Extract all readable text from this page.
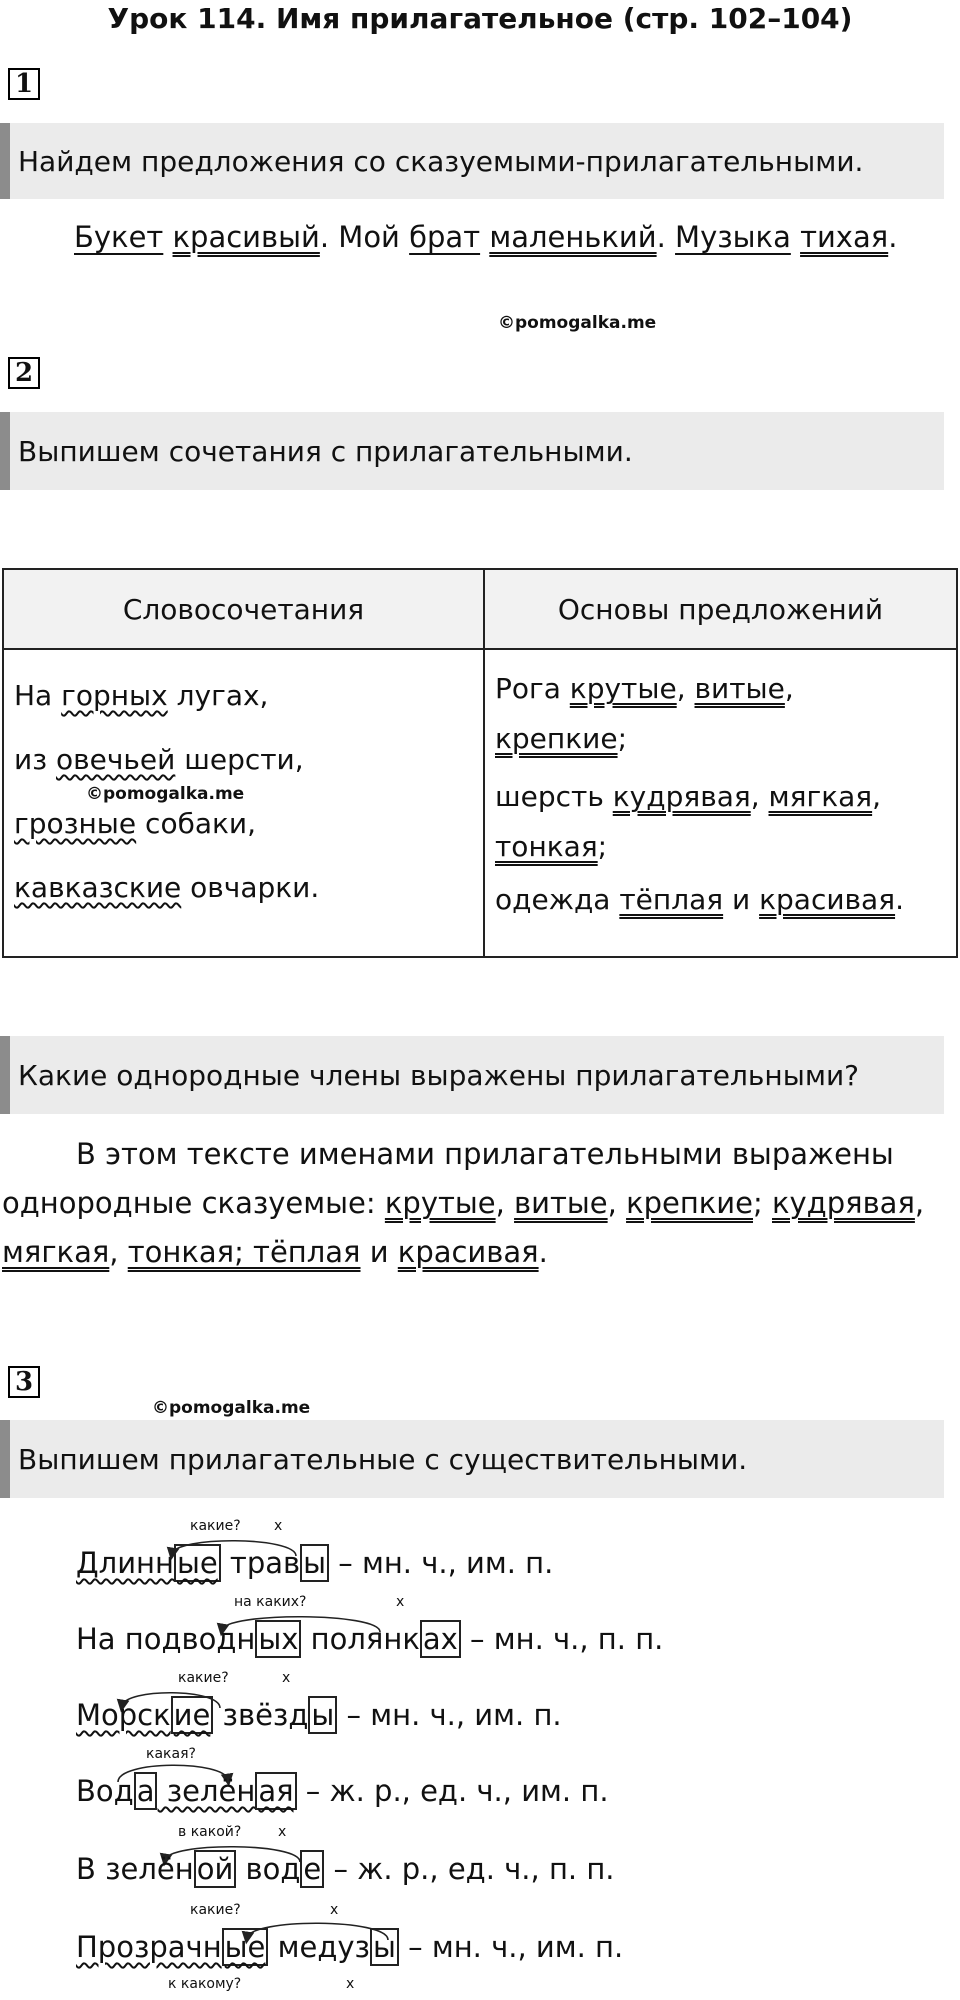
Урок 114. Имя прилагательное (стр. 102–104)
1
Найдем предложения со сказуемыми-прилагательными.
Букет красивый. Мой брат маленький. Музыка тихая.
©pomogalka.me
2
Выпишем сочетания с прилагательными.
Словосочетания	Основы предложений

На горных лугах,
из овечьей шерсти,
грозные собаки,
кавказские овчарки.	Рога крутые, витые,
крепкие;
шерсть кудрявая, мягкая,
тонкая;
одежда тёплая и красивая.
©pomogalka.me
Какие однородные члены выражены прилагательными?
В этом тексте именами прилагательными выражены
однородные сказуемые: крутые, витые, крепкие; кудрявая,
мягкая, тонкая; тёплая и красивая.
3
©pomogalka.me
Выпишем прилагательные с существительными.
Длинн ые трав ы – мн. ч., им. п.
какие? х
На подводн ых полянк ах – мн. ч., п. п.
на каких?	х
Морск ие звёзд ы – мн. ч., им. п.
какие?	х
Вод а зелён ая – ж. р., ед. ч., им. п.
какая?
В зелён ой вод е – ж. р., ед. ч., п. п.
в какой?	х
Прозрачн ые медуз ы – мн. ч., им. п.
какие?	х
к какому?	х
